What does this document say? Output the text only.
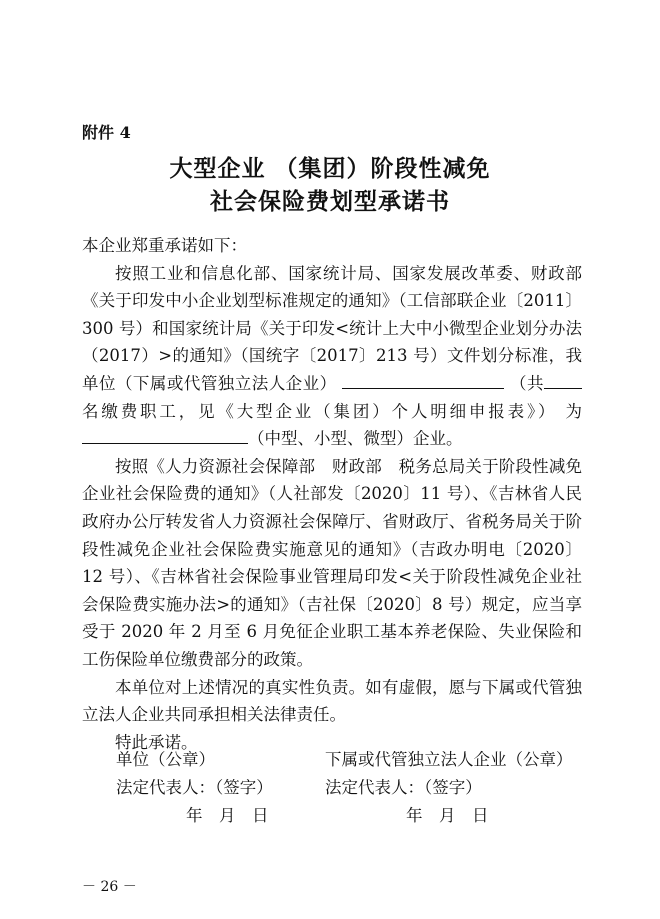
附件 4
大型企业 （集团）阶段性减免
社会保险费划型承诺书

本企业郑重承诺如下：

按照工业和信息化部、国家统计局、国家发展改革委、财政部《关于印发中小企业划型标准规定的通知》（工信部联企业〔2011〕300 号）和国家统计局《关于印发<统计上大中小微型企业划分办法（2017）>的通知》（国统字〔2017〕213 号）文件划分标准，我单位（下属或代管独立法人企业）	（共名缴费职工，见《大型企业（集团）个人明细申报表》） 为（中型、小型、微型）企业。

按照《人力资源社会保障部　财政部　税务总局关于阶段性减免企业社会保险费的通知》（人社部发〔2020〕11 号）、《吉林省人民政府办公厅转发省人力资源社会保障厅、省财政厅、省税务局关于阶段性减免企业社会保险费实施意见的通知》（吉政办明电〔2020〕12 号）、《吉林省社会保险事业管理局印发<关于阶段性减免企业社会保险费实施办法>的通知》（吉社保〔2020〕8 号）规定，应当享受于 2020 年 2 月至 6 月免征企业职工基本养老保险、失业保险和工伤保险单位缴费部分的政策。

本单位对上述情况的真实性负责。如有虚假，愿与下属或代管独立法人企业共同承担相关法律责任。

特此承诺。

单位（公章）	下属或代管独立法人企业（公章）
法定代表人：（签字）	法定代表人：（签字）
年　月　日	年　月　日
－ 26 －
